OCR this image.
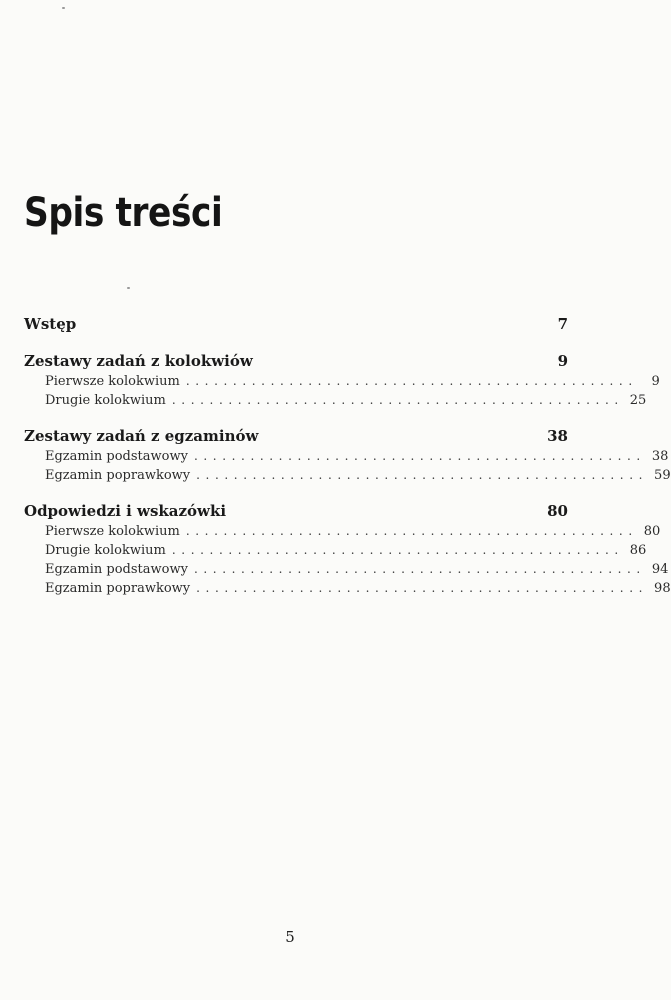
Spis treści
Wstęp	7
Zestawy zadań z kolokwiów	9
Pierwsze kolokwium ................................................	9
Drugie kolokwium ................................................ 25
Zestawy zadań z egzaminów	38
Egzamin podstawowy ................................................ 38
Egzamin poprawkowy ................................................ 59
Odpowiedzi i wskazówki	80
Pierwsze kolokwium ................................................ 80
Drugie kolokwium ................................................ 86
Egzamin podstawowy ................................................ 94
Egzamin poprawkowy ................................................ 98
5
